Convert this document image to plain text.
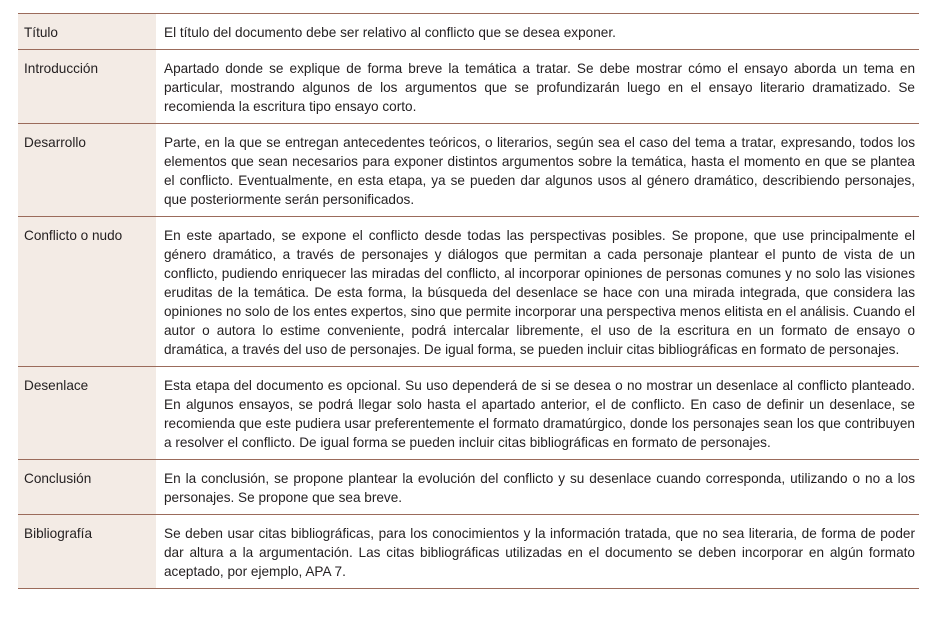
Título	El título del documento debe ser relativo al conflicto que se desea exponer.
Introducción	Apartado donde se explique de forma breve la temática a tratar. Se debe mostrar cómo el ensayo aborda un tema en particular, mostrando algunos de los argumentos que se profundizarán luego en el ensayo literario dramatizado. Se recomienda la escritura tipo ensayo corto.
Desarrollo	Parte, en la que se entregan antecedentes teóricos, o literarios, según sea el caso del tema a tratar, expresando, todos los elementos que sean necesarios para exponer distintos argumentos sobre la temática, hasta el momento en que se plantea el conflicto. Eventualmente, en esta etapa, ya se pueden dar algunos usos al género dramático, describiendo personajes, que posteriormente serán personificados.
Conflicto o nudo	En este apartado, se expone el conflicto desde todas las perspectivas posibles. Se propone, que use principalmente el género dramático, a través de personajes y diálogos que permitan a cada personaje plantear el punto de vista de un conflicto, pudiendo enriquecer las miradas del conflicto, al incorporar opiniones de personas comunes y no solo las visiones eruditas de la temática. De esta forma, la búsqueda del desenlace se hace con una mirada integrada, que considera las opiniones no solo de los entes expertos, sino que permite incorporar una perspectiva menos elitista en el análisis. Cuando el autor o autora lo estime conveniente, podrá intercalar libremente, el uso de la escritura en un formato de ensayo o dramática, a través del uso de personajes. De igual forma, se pueden incluir citas bibliográficas en formato de personajes.
Desenlace	Esta etapa del documento es opcional. Su uso dependerá de si se desea o no mostrar un desenlace al conflicto planteado. En algunos ensayos, se podrá llegar solo hasta el apartado anterior, el de conflicto. En caso de definir un desenlace, se recomienda que este pudiera usar preferentemente el formato dramatúrgico, donde los personajes sean los que contribuyen a resolver el conflicto. De igual forma se pueden incluir citas bibliográficas en formato de personajes.
Conclusión	En la conclusión, se propone plantear la evolución del conflicto y su desenlace cuando corresponda, utilizando o no a los personajes. Se propone que sea breve.
Bibliografía	Se deben usar citas bibliográficas, para los conocimientos y la información tratada, que no sea literaria, de forma de poder dar altura a la argumentación. Las citas bibliográficas utilizadas en el documento se deben incorporar en algún formato aceptado, por ejemplo, APA 7.
